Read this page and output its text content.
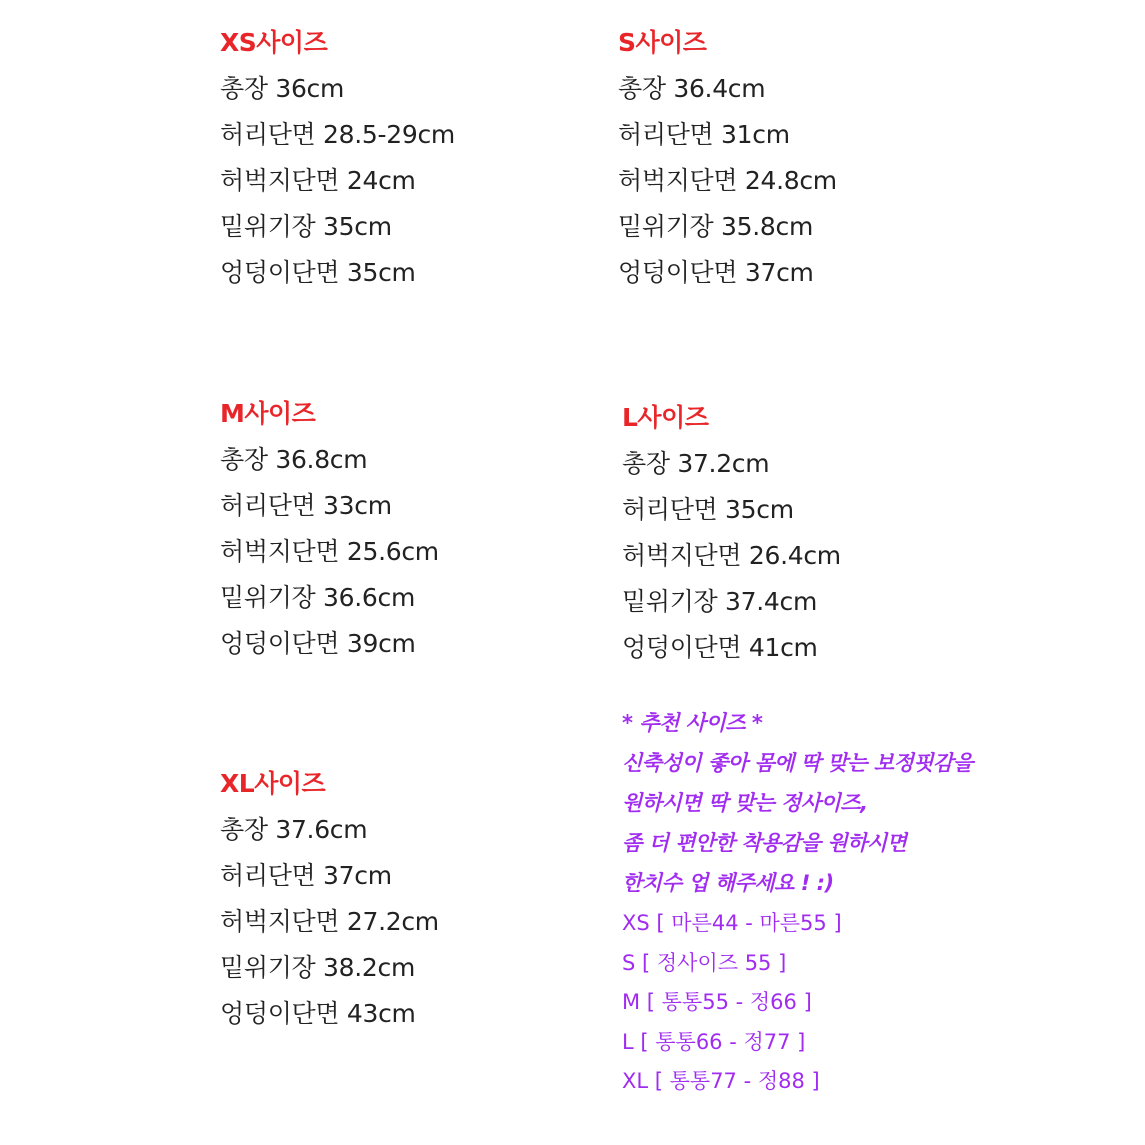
XS사이즈
총장 36cm
허리단면 28.5-29cm
허벅지단면 24cm
밑위기장 35cm
엉덩이단면 35cm
S사이즈
총장 36.4cm
허리단면 31cm
허벅지단면 24.8cm
밑위기장 35.8cm
엉덩이단면 37cm
M사이즈
총장 36.8cm
허리단면 33cm
허벅지단면 25.6cm
밑위기장 36.6cm
엉덩이단면 39cm
L사이즈
총장 37.2cm
허리단면 35cm
허벅지단면 26.4cm
밑위기장 37.4cm
엉덩이단면 41cm
XL사이즈
총장 37.6cm
허리단면 37cm
허벅지단면 27.2cm
밑위기장 38.2cm
엉덩이단면 43cm
* 추천 사이즈 *
신축성이 좋아 몸에 딱 맞는 보정핏감을
원하시면 딱 맞는 정사이즈,
좀 더 편안한 착용감을 원하시면
한치수 업 해주세요 ! :)
XS [ 마른44 - 마른55 ]
S [ 정사이즈 55 ]
M [ 통통55 - 정66 ]
L [ 통통66 - 정77 ]
XL [ 통통77 - 정88 ]
